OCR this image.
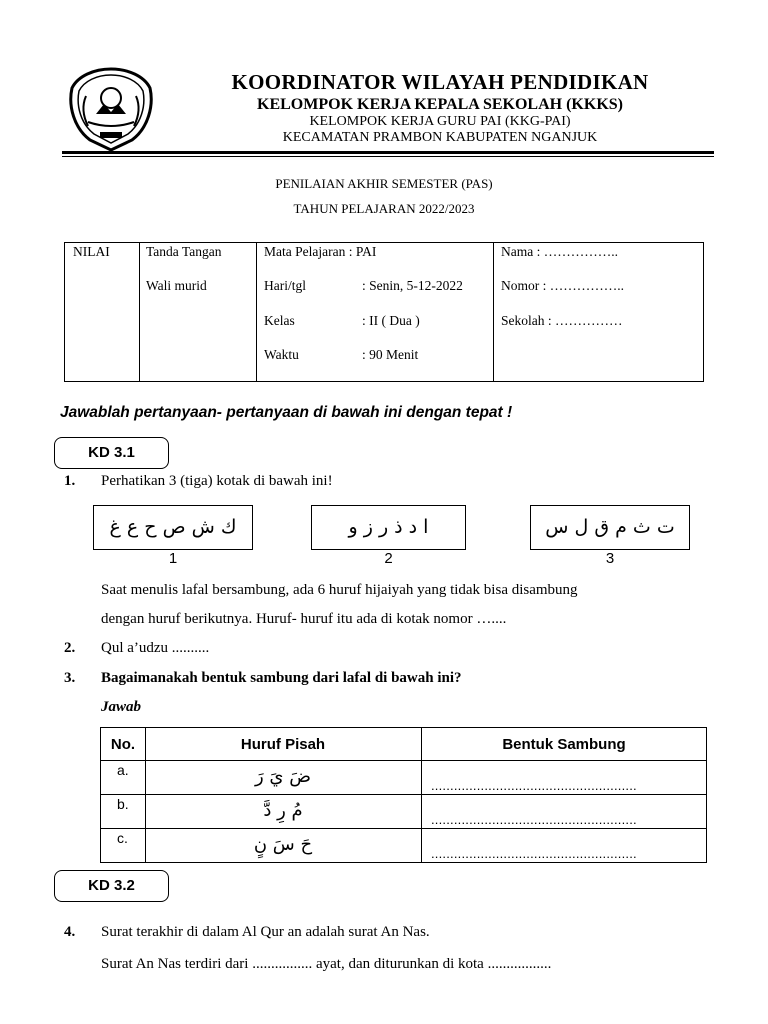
KOORDINATOR WILAYAH PENDIDIKAN
KELOMPOK KERJA KEPALA SEKOLAH (KKKS)
KELOMPOK KERJA GURU PAI (KKG-PAI)
KECAMATAN PRAMBON KABUPATEN NGANJUK
PENILAIAN AKHIR SEMESTER (PAS)
TAHUN PELAJARAN 2022/2023
NILAI	Tanda Tangan
Wali murid
Mata Pelajaran : PAI
Hari/tgl	: Senin, 5-12-2022
Kelas	: II ( Dua )
Waktu	: 90 Menit
Nama : ……………..
Nomor : ……………..
Sekolah : ……………
Jawablah pertanyaan- pertanyaan di bawah ini dengan tepat !
KD 3.1
1. Perhatikan 3 (tiga) kotak di bawah ini!
ك ش ص ح ع غ	ا د ذ ر ز و	ت ث م ق ل س
1	2	3
Saat menulis lafal bersambung, ada 6 huruf hijaiyah yang tidak bisa disambung
dengan huruf berikutnya. Huruf- huruf itu ada di kotak nomor …....
2. Qul a’udzu ..........
3. Bagaimanakah bentuk sambung dari lafal di bawah ini?
Jawab
No.	Huruf Pisah	Bentuk Sambung
a.	ضَ يَ رَ	......................................................
b.	مُ رِ دَّ	......................................................
c.	حَ سَ نٍ	......................................................
KD 3.2
4. Surat terakhir di dalam Al Qur an adalah surat An Nas.
Surat An Nas terdiri dari ................ ayat, dan diturunkan di kota .................
